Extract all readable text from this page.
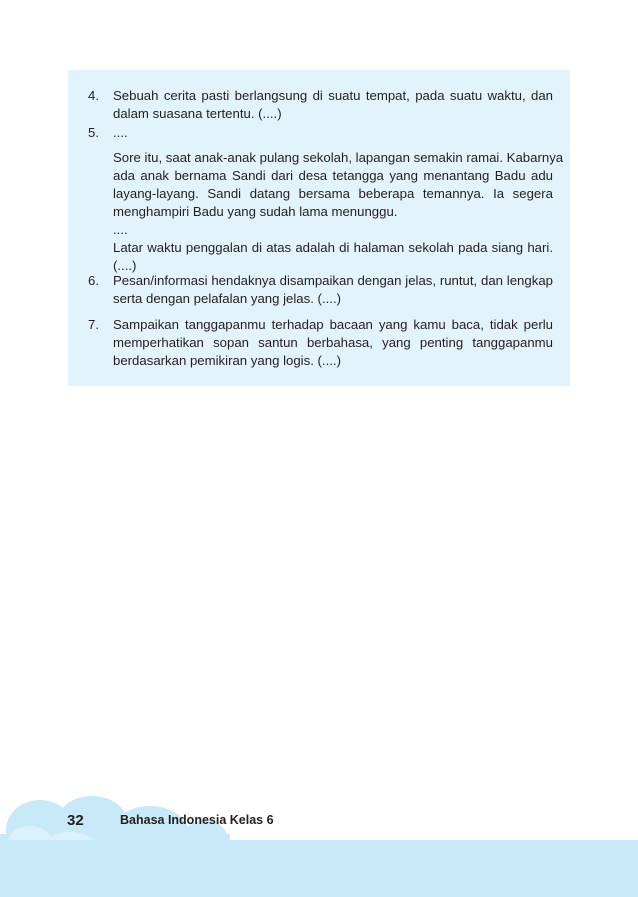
4. Sebuah cerita pasti berlangsung di suatu tempat, pada suatu waktu, dan
dalam suasana tertentu. (....)
5. ....
Sore itu, saat anak-anak pulang sekolah, lapangan semakin ramai. Kabarnya
ada anak bernama Sandi dari desa tetangga yang menantang Badu adu
layang-layang. Sandi datang bersama beberapa temannya. Ia segera
menghampiri Badu yang sudah lama menunggu.
....
Latar waktu penggalan di atas adalah di halaman sekolah pada siang hari.
(....)
6. Pesan/informasi hendaknya disampaikan dengan jelas, runtut, dan lengkap
serta dengan pelafalan yang jelas. (....)
7. Sampaikan tanggapanmu terhadap bacaan yang kamu baca, tidak perlu
memperhatikan sopan santun berbahasa, yang penting tanggapanmu
berdasarkan pemikiran yang logis. (....)
32	Bahasa Indonesia Kelas 6
